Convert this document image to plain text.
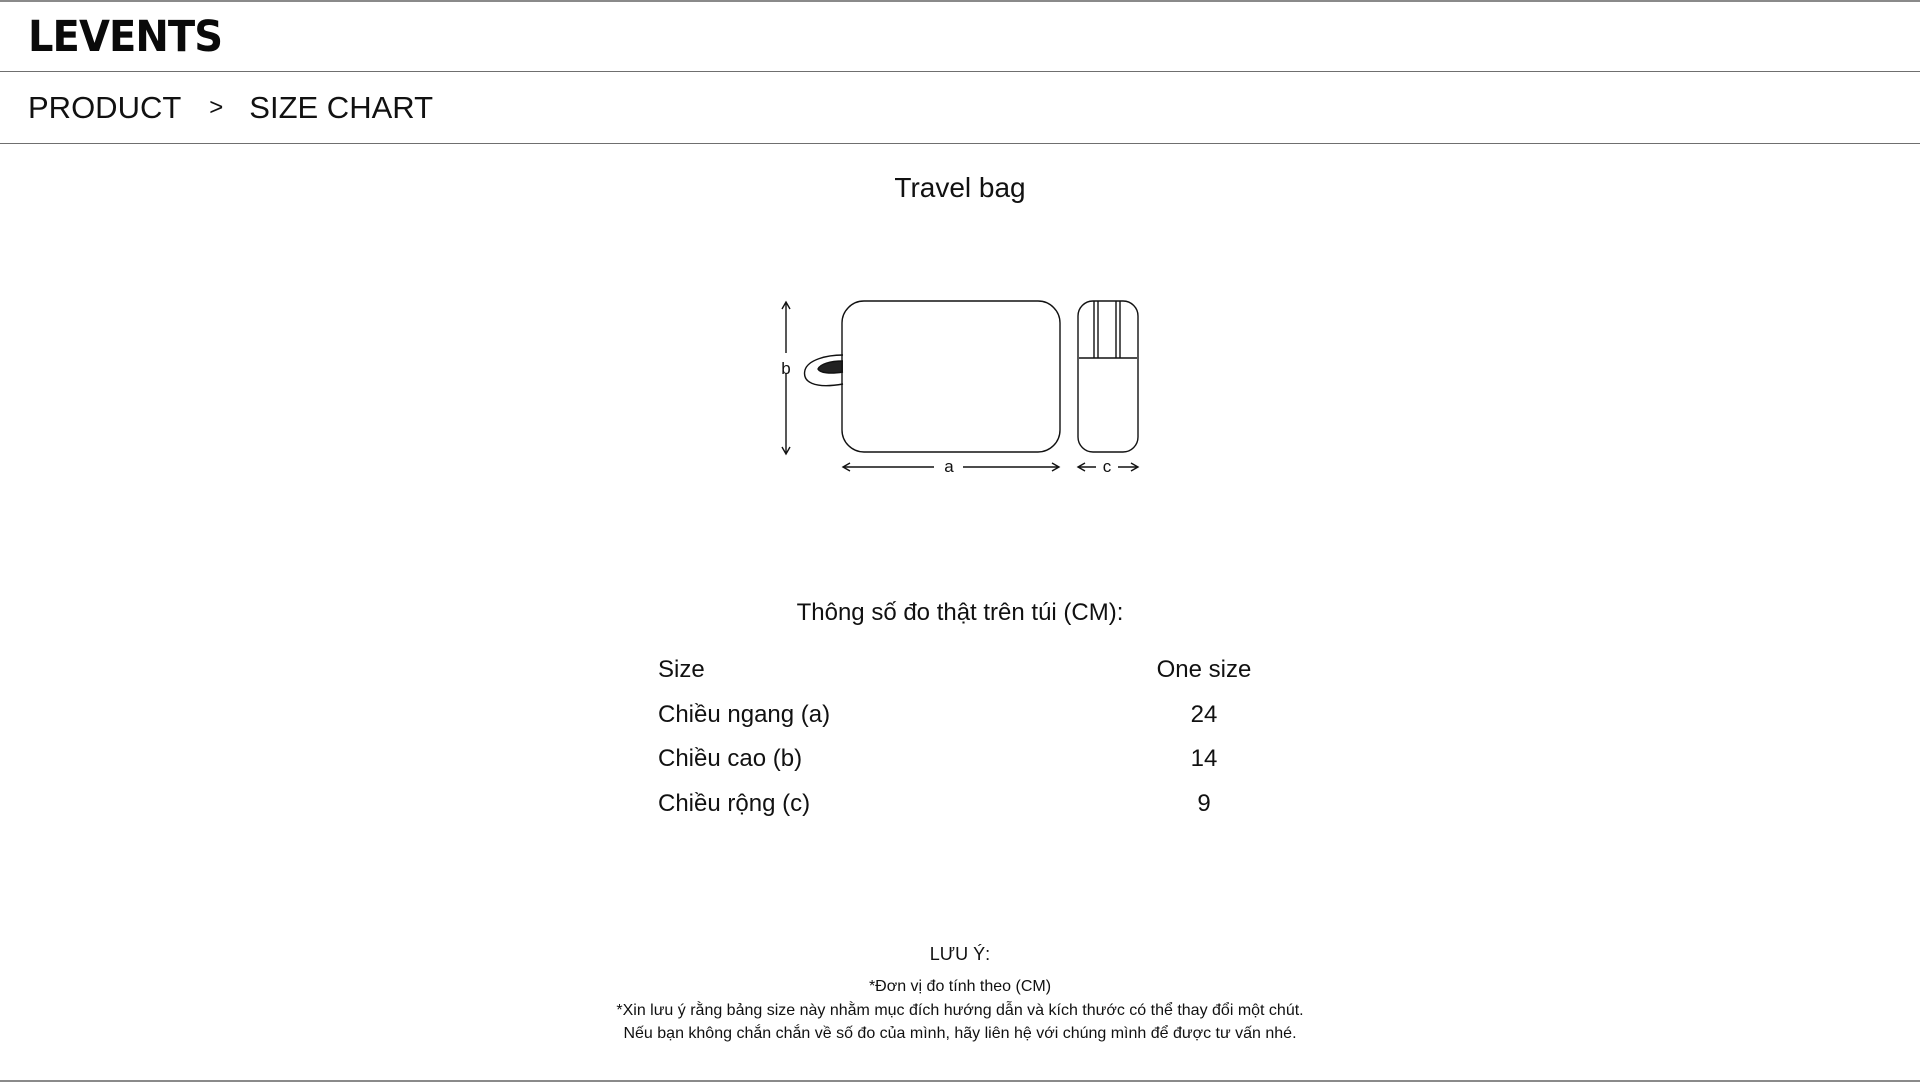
LEVENTS
PRODUCT > SIZE CHART
Travel bag
b
a	c
Thông số đo thật trên túi (CM):
Size	One size
Chiều ngang (a)	24
Chiều cao (b)	14
Chiều rộng (c)	9
LƯU Ý:
*Đơn vị đo tính theo (CM)
*Xin lưu ý rằng bảng size này nhằm mục đích hướng dẫn và kích thước có thể thay đổi một chút.
Nếu bạn không chắn chắn về số đo của mình, hãy liên hệ với chúng mình để được tư vấn nhé.
